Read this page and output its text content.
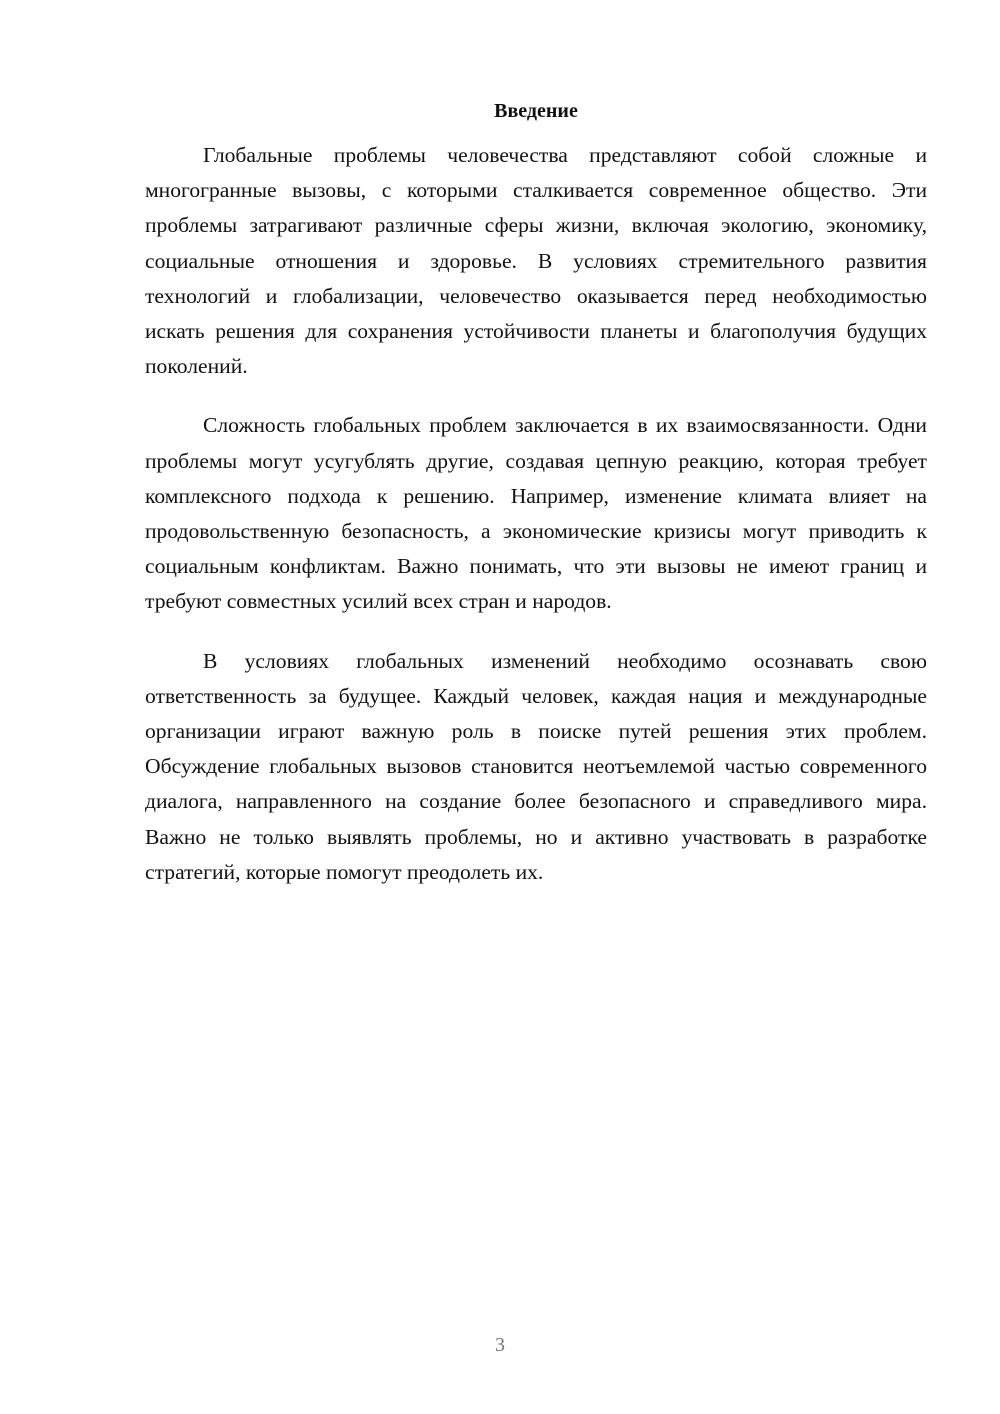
Введение

Глобальные проблемы человечества представляют собой сложные и многогранные вызовы, с которыми сталкивается современное общество. Эти проблемы затрагивают различные сферы жизни, включая экологию, экономику, социальные отношения и здоровье. В условиях стремительного развития технологий и глобализации, человечество оказывается перед необходимостью искать решения для сохранения устойчивости планеты и благополучия будущих поколений.

Сложность глобальных проблем заключается в их взаимосвязанности. Одни проблемы могут усугублять другие, создавая цепную реакцию, которая требует комплексного подхода к решению. Например, изменение климата влияет на продовольственную безопасность, а экономические кризисы могут приводить к социальным конфликтам. Важно понимать, что эти вызовы не имеют границ и требуют совместных усилий всех стран и народов.

В условиях глобальных изменений необходимо осознавать свою ответственность за будущее. Каждый человек, каждая нация и международные организации играют важную роль в поиске путей решения этих проблем. Обсуждение глобальных вызовов становится неотъемлемой частью современного диалога, направленного на создание более безопасного и справедливого мира. Важно не только выявлять проблемы, но и активно участвовать в разработке стратегий, которые помогут преодолеть их.

3
